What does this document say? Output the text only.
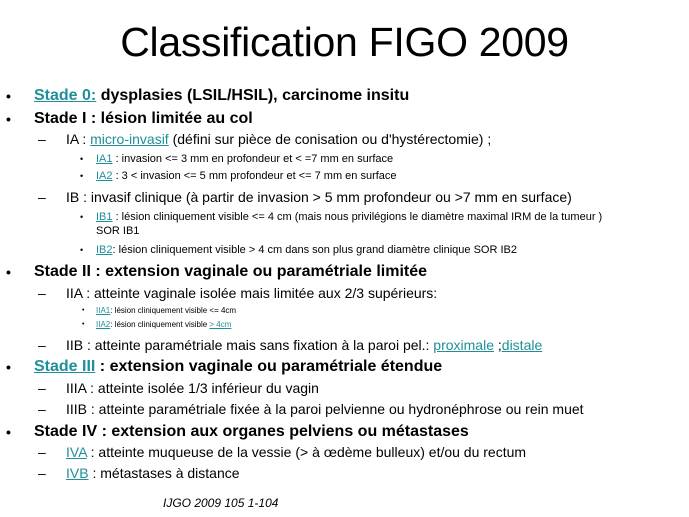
Classification FIGO 2009
• Stade 0: dysplasies (LSIL/HSIL), carcinome insitu
• Stade I : lésion limitée au col
– IA : micro-invasif (défini sur pièce de conisation ou d'hystérectomie) ;
• IA1 : invasion <= 3 mm en profondeur et < =7 mm en surface
• IA2 : 3 < invasion <= 5 mm profondeur et <= 7 mm en surface
– IB : invasif clinique (à partir de invasion > 5 mm profondeur ou >7 mm en surface)
• IB1 : lésion cliniquement visible <= 4 cm (mais nous privilégions le diamètre maximal IRM de la tumeur )
SOR IB1
• IB2: lésion cliniquement visible > 4 cm dans son plus grand diamètre clinique SOR IB2
• Stade II : extension vaginale ou paramétriale limitée
– IIA : atteinte vaginale isolée mais limitée aux 2/3 supérieurs:
• IIA1: lésion cliniquement visible <= 4cm
• IIA2: lésion cliniquement visible > 4cm
– IIB : atteinte paramétriale mais sans fixation à la paroi pel.: proximale ;distale
• Stade III : extension vaginale ou paramétriale étendue
– IIIA : atteinte isolée 1/3 inférieur du vagin
– IIIB : atteinte paramétriale fixée à la paroi pelvienne ou hydronéphrose ou rein muet
• Stade IV : extension aux organes pelviens ou métastases
– IVA : atteinte muqueuse de la vessie (> à œdème bulleux) et/ou du rectum
– IVB : métastases à distance
IJGO 2009 105 1-104
